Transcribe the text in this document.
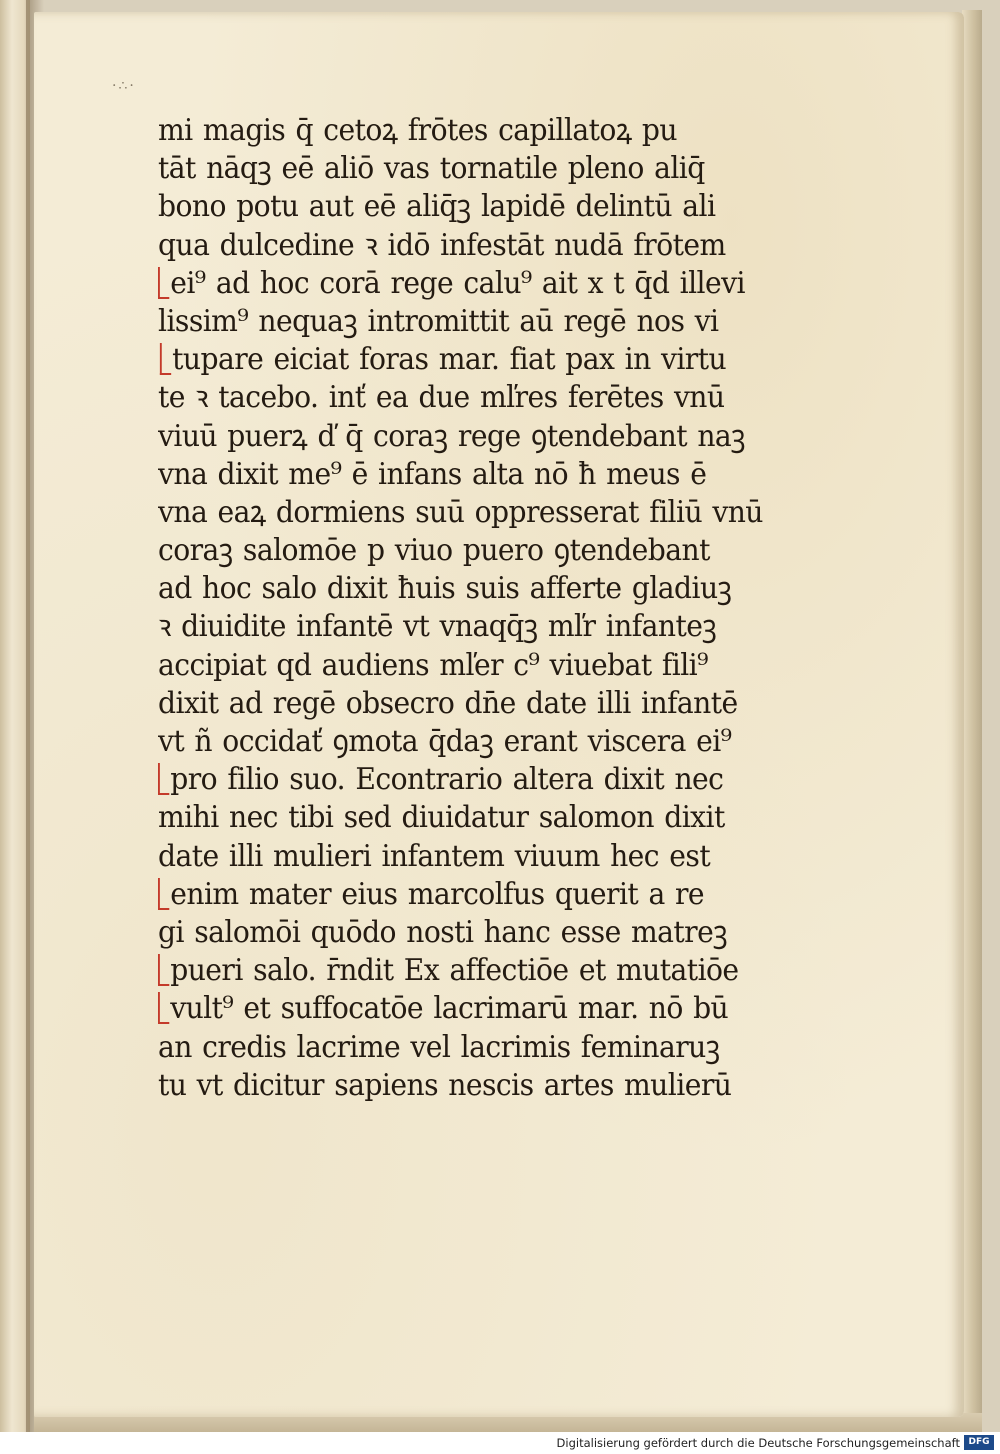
·∴·
mi magis q̄ cetoꝝ frōtes capillatoꝝ pu
tāt nāqꝫ eē aliō vas tornatile pleno aliq̄
bono potu aut eē aliq̄ꝫ lapidē delintū ali
qua dulcedine ꝛ idō infestāt nudā frōtem
ei⁹ ad hoc corā rege calu⁹ ait x t q̄d illevi
lissim⁹ nequaꝫ intromittit aū regē nos vi
tupare eiciat foras mar. fiat pax in virtu
te ꝛ tacebo. inť ea due mľres ferētes vnū
viuū puerꝝ ď q̄ coraꝫ rege ꝯtendebant naꝫ
vna dixit me⁹ ē infans alta nō ħ meus ē
vna eaꝝ dormiens suū oppresserat filiū vnū
coraꝫ salomōe p viuo puero ꝯtendebant
ad hoc salo dixit ħuis suis afferte gladiuꝫ
ꝛ diuidite infantē vt vnaqq̄ꝫ mľr infanteꝫ
accipiat qd audiens mľer c⁹ viuebat fili⁹
dixit ad regē obsecro dn̄e date illi infantē
vt ñ occidať ꝯmota q̄daꝫ erant viscera ei⁹
pro filio suo. Econtrario altera dixit nec
mihi nec tibi sed diuidatur salomon dixit
date illi mulieri infantem viuum hec est
enim mater eius marcolfus querit a re
gi salomōi quōdo nosti hanc esse matreꝫ
pueri salo. r̄ndit Ex affectiōe et mutatiōe
vult⁹ et suffocatōe lacrimarū mar. nō bū
an credis lacrime vel lacrimis feminaruꝫ
tu vt dicitur sapiens nescis artes mulierū
Digitalisierung gefördert durch die Deutsche Forschungsgemeinschaft DFG
